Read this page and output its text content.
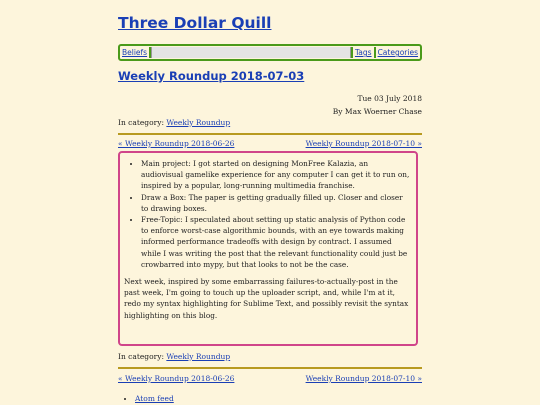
Three Dollar Quill
Beliefs	Tags Categories
Weekly Roundup 2018-07-03
Tue 03 July 2018
By Max Woerner Chase
In category: Weekly Roundup
« Weekly Roundup 2018-06-26	Weekly Roundup 2018-07-10 »
• Main project: I got started on designing MonFree Kalazia, an audiovisual gamelike experience for any computer I can get it to run on, inspired by a popular, long-running multimedia franchise.
• Draw a Box: The paper is getting gradually filled up. Closer and closer to drawing boxes.
• Free-Topic: I speculated about setting up static analysis of Python code to enforce worst-case algorithmic bounds, with an eye towards making informed performance tradeoffs with design by contract. I assumed while I was writing the post that the relevant functionality could just be crowbarred into mypy, but that looks to not be the case.

Next week, inspired by some embarrassing failures-to-actually-post in the past week, I'm going to touch up the uploader script, and, while I'm at it, redo my syntax highlighting for Sublime Text, and possibly revisit the syntax highlighting on this blog.

In category: Weekly Roundup
« Weekly Roundup 2018-06-26	Weekly Roundup 2018-07-10 »
• Atom feed
